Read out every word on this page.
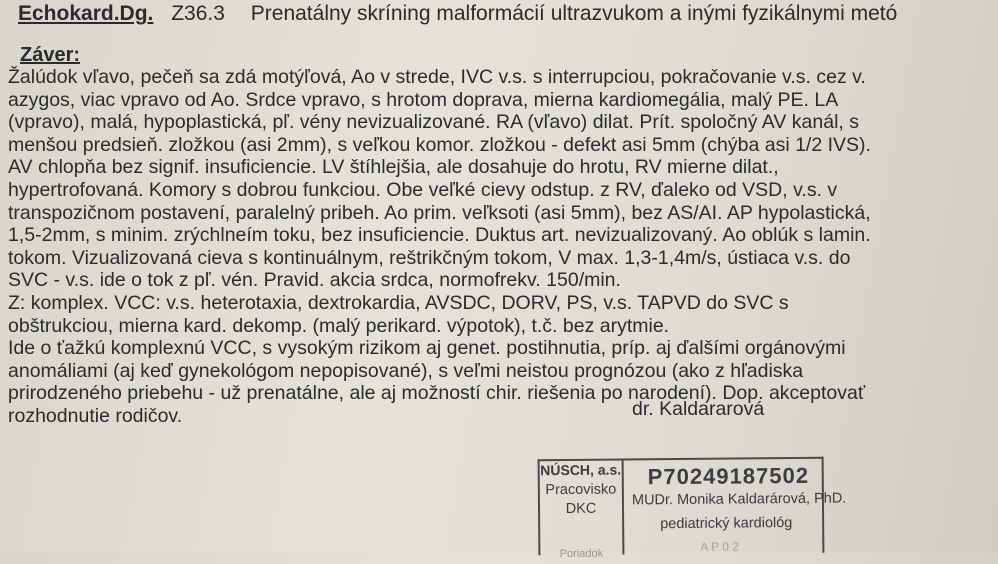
Echokard.Dg. Z36.3 Prenatálny skríning malformácií ultrazvukom a inými fyzikálnymi metó
Záver:
Žalúdok vľavo, pečeň sa zdá motýľová, Ao v strede, IVC v.s. s interrupciou, pokračovanie v.s. cez v.
azygos, viac vpravo od Ao. Srdce vpravo, s hrotom doprava, mierna kardiomegália, malý PE. LA
(vpravo), malá, hypoplastická, pľ. vény nevizualizované. RA (vľavo) dilat. Prít. spoločný AV kanál, s
menšou predsieň. zložkou (asi 2mm), s veľkou komor. zložkou - defekt asi 5mm (chýba asi 1/2 IVS).
AV chlopňa bez signif. insuficiencie. LV štíhlejšia, ale dosahuje do hrotu, RV mierne dilat.,
hypertrofovaná. Komory s dobrou funkciou. Obe veľké cievy odstup. z RV, ďaleko od VSD, v.s. v
transpozičnom postavení, paralelný pribeh. Ao prim. veľksoti (asi 5mm), bez AS/AI. AP hypolastická,
1,5-2mm, s minim. zrýchlneím toku, bez insuficiencie. Duktus art. nevizualizovaný. Ao oblúk s lamin.
tokom. Vizualizovaná cieva s kontinuálnym, reštrikčným tokom, V max. 1,3-1,4m/s, ústiaca v.s. do
SVC - v.s. ide o tok z pľ. vén. Pravid. akcia srdca, normofrekv. 150/min.
Z: komplex. VCC: v.s. heterotaxia, dextrokardia, AVSDC, DORV, PS, v.s. TAPVD do SVC s
obštrukciou, mierna kard. dekomp. (malý perikard. výpotok), t.č. bez arytmie.
Ide o ťažkú komplexnú VCC, s vysokým rizikom aj genet. postihnutia, príp. aj ďalšími orgánovými
anomáliami (aj keď gynekológom nepopisované), s veľmi neistou prognózou (ako z hľadiska
prirodzeného priebehu - už prenatálne, ale aj možností chir. riešenia po narodení). Dop. akceptovať
rozhodnutie rodičov.	dr. Kaldararová
NÚSCH, a.s.
Pracovisko
DKC
Poriadok
P70249187502
MUDr. Monika Kaldarárová, PhD.
pediatrický kardiológ
A P 0 2
